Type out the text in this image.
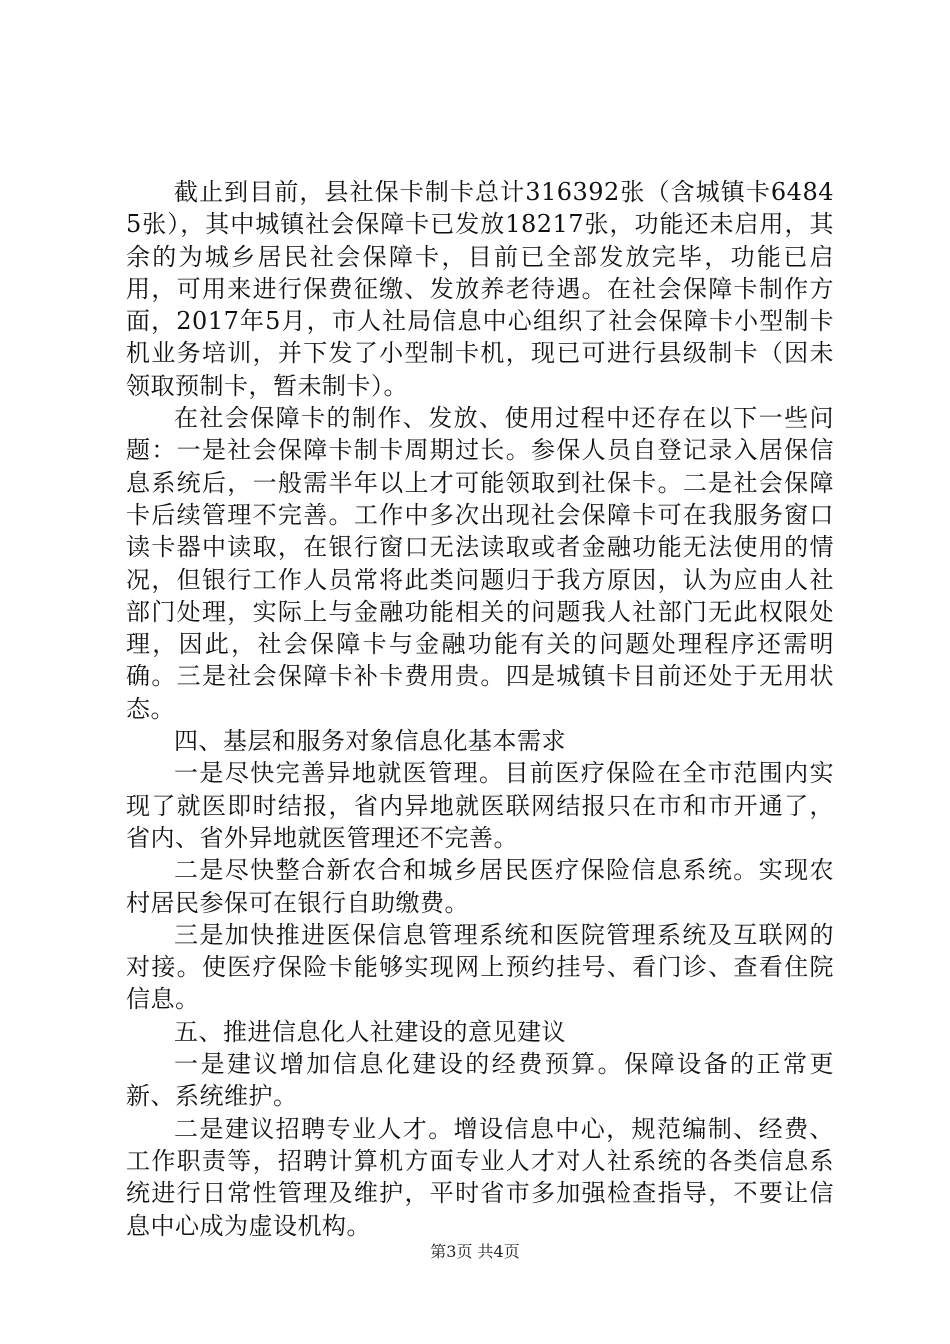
截止到目前，县社保卡制卡总计316392张（含城镇卡64845张），其中城镇社会保障卡已发放18217张，功能还未启用，其余的为城乡居民社会保障卡，目前已全部发放完毕，功能已启用，可用来进行保费征缴、发放养老待遇。在社会保障卡制作方面，2017年5月，市人社局信息中心组织了社会保障卡小型制卡机业务培训，并下发了小型制卡机，现已可进行县级制卡（因未领取预制卡，暂未制卡）。

在社会保障卡的制作、发放、使用过程中还存在以下一些问题：一是社会保障卡制卡周期过长。参保人员自登记录入居保信息系统后，一般需半年以上才可能领取到社保卡。二是社会保障卡后续管理不完善。工作中多次出现社会保障卡可在我服务窗口读卡器中读取，在银行窗口无法读取或者金融功能无法使用的情况，但银行工作人员常将此类问题归于我方原因，认为应由人社部门处理，实际上与金融功能相关的问题我人社部门无此权限处理，因此，社会保障卡与金融功能有关的问题处理程序还需明确。三是社会保障卡补卡费用贵。四是城镇卡目前还处于无用状态。

四、基层和服务对象信息化基本需求

一是尽快完善异地就医管理。目前医疗保险在全市范围内实现了就医即时结报，省内异地就医联网结报只在市和市开通了，省内、省外异地就医管理还不完善。

二是尽快整合新农合和城乡居民医疗保险信息系统。实现农村居民参保可在银行自助缴费。

三是加快推进医保信息管理系统和医院管理系统及互联网的对接。使医疗保险卡能够实现网上预约挂号、看门诊、查看住院信息。

五、推进信息化人社建设的意见建议

一是建议增加信息化建设的经费预算。保障设备的正常更新、系统维护。

二是建议招聘专业人才。增设信息中心，规范编制、经费、工作职责等，招聘计算机方面专业人才对人社系统的各类信息系统进行日常性管理及维护，平时省市多加强检查指导，不要让信息中心成为虚设机构。

第3页 共4页
